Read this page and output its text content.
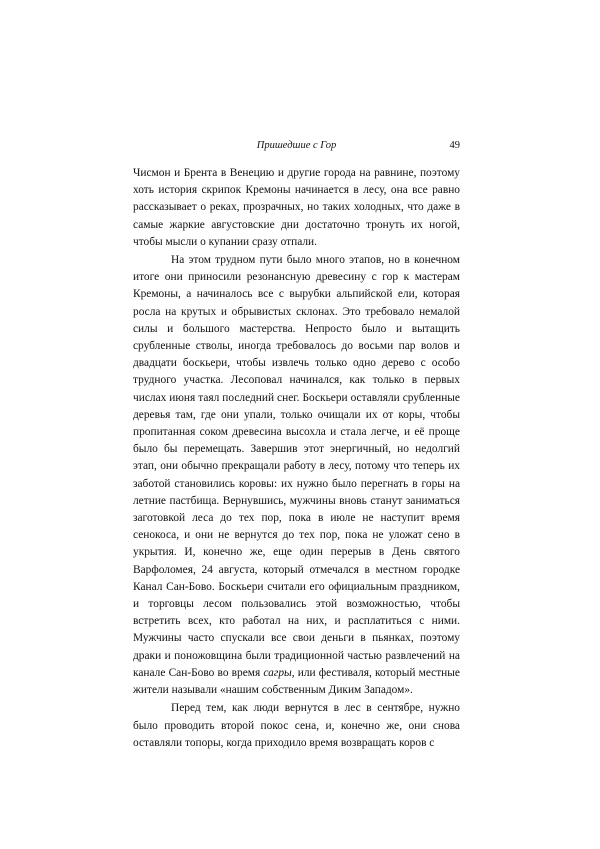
Пришедшие с Гор	49

Чисмон и Брента в Венецию и другие города на равнине, поэтому хоть история скрипок Кремоны начинается в лесу, она все равно рассказывает о реках, прозрачных, но таких холодных, что даже в самые жаркие августовские дни достаточно тронуть их ногой, чтобы мысли о купании сразу отпали.

На этом трудном пути было много этапов, но в конечном итоге они приносили резонансную древесину с гор к мастерам Кремоны, а начиналось все с вырубки альпийской ели, которая росла на крутых и обрывистых склонах. Это требовало немалой силы и большого мастерства. Непросто было и вытащить срубленные стволы, иногда требовалось до восьми пар волов и двадцати боскьери, чтобы извлечь только одно дерево с особо трудного участка. Лесоповал начинался, как только в первых числах июня таял последний снег. Боскьери оставляли срубленные деревья там, где они упали, только очищали их от коры, чтобы пропитанная соком древесина высохла и стала легче, и её проще было бы перемещать. Завершив этот энергичный, но недолгий этап, они обычно прекращали работу в лесу, потому что теперь их заботой становились коровы: их нужно было перегнать в горы на летние пастбища. Вернувшись, мужчины вновь станут заниматься заготовкой леса до тех пор, пока в июле не наступит время сенокоса, и они не вернутся до тех пор, пока не уложат сено в укрытия. И, конечно же, еще один перерыв в День святого Варфоломея, 24 августа, который отмечался в местном городке Канал Сан-Бово. Боскьери считали его официальным праздником, и торговцы лесом пользовались этой возможностью, чтобы встретить всех, кто работал на них, и расплатиться с ними. Мужчины часто спускали все свои деньги в пьянках, поэтому драки и поножовщина были традиционной частью развлечений на канале Сан-Бово во время сагры, или фестиваля, который местные жители называли «нашим собственным Диким Западом».

Перед тем, как люди вернутся в лес в сентябре, нужно было проводить второй покос сена, и, конечно же, они снова оставляли топоры, когда приходило время возвращать коров с
